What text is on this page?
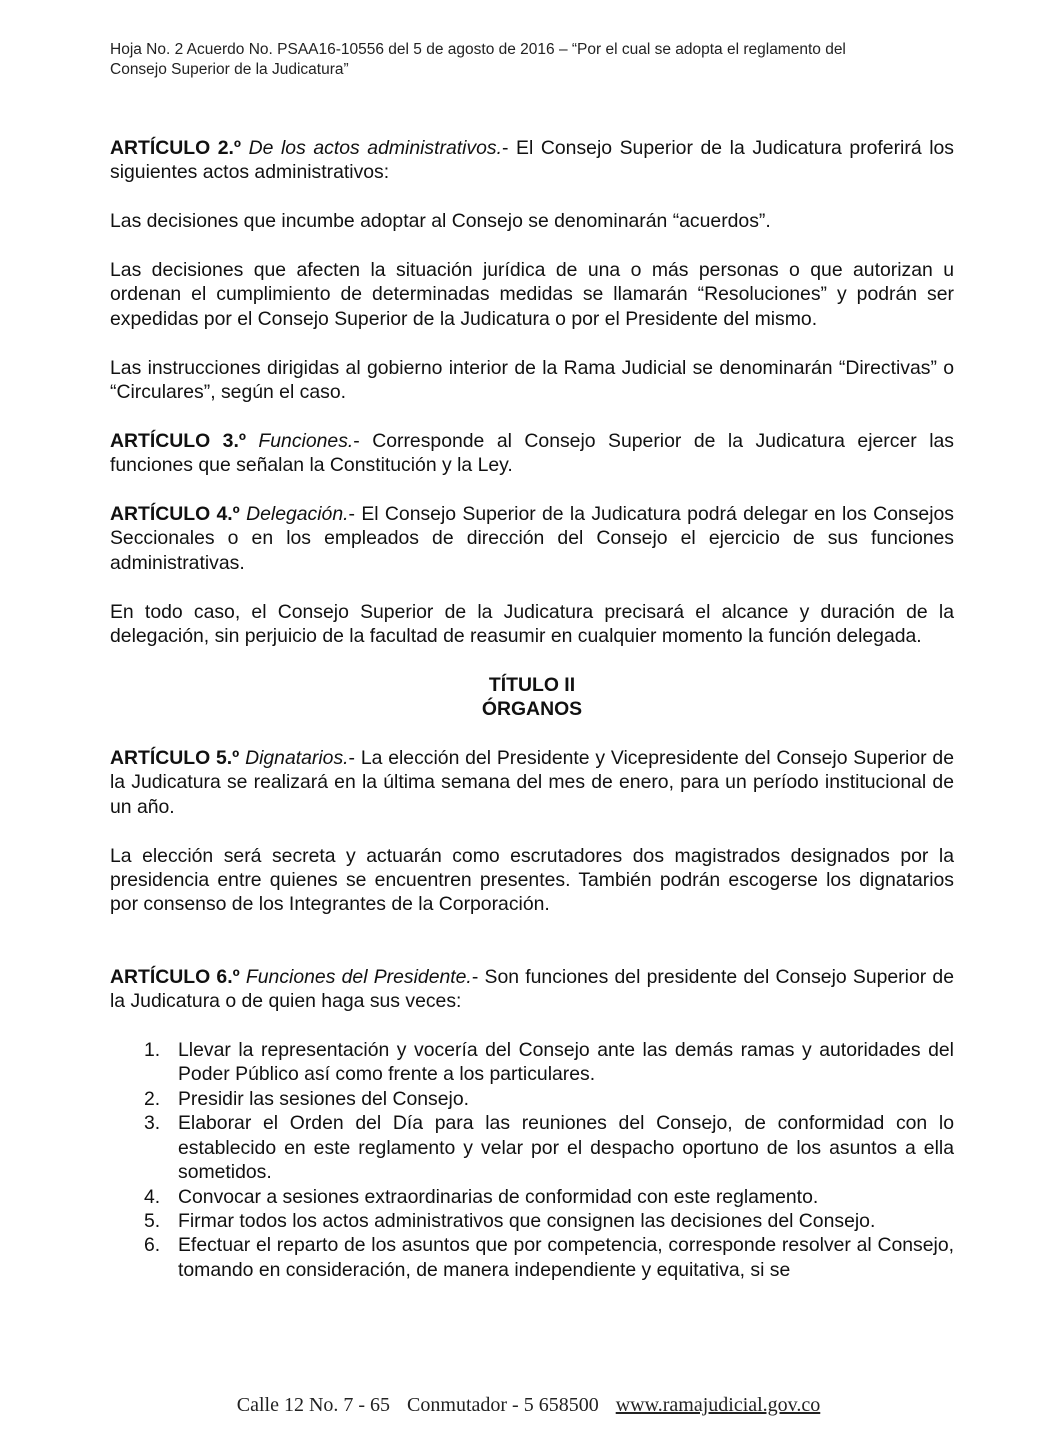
Hoja No. 2 Acuerdo No. PSAA16-10556 del 5 de agosto de 2016 – “Por el cual se adopta el reglamento del
Consejo Superior de la Judicatura”

ARTÍCULO 2.º De los actos administrativos.- El Consejo Superior de la Judicatura proferirá los siguientes actos administrativos:

Las decisiones que incumbe adoptar al Consejo se denominarán “acuerdos”.

Las decisiones que afecten la situación jurídica de una o más personas o que autorizan u ordenan el cumplimiento de determinadas medidas se llamarán “Resoluciones” y podrán ser expedidas por el Consejo Superior de la Judicatura o por el Presidente del mismo.

Las instrucciones dirigidas al gobierno interior de la Rama Judicial se denominarán “Directivas” o “Circulares”, según el caso.

ARTÍCULO 3.º Funciones.- Corresponde al Consejo Superior de la Judicatura ejercer las funciones que señalan la Constitución y la Ley.

ARTÍCULO 4.º Delegación.- El Consejo Superior de la Judicatura podrá delegar en los Consejos Seccionales o en los empleados de dirección del Consejo el ejercicio de sus funciones administrativas.

En todo caso, el Consejo Superior de la Judicatura precisará el alcance y duración de la delegación, sin perjuicio de la facultad de reasumir en cualquier momento la función delegada.

TÍTULO II
ÓRGANOS

ARTÍCULO 5.º Dignatarios.- La elección del Presidente y Vicepresidente del Consejo Superior de la Judicatura se realizará en la última semana del mes de enero, para un período institucional de un año.

La elección será secreta y actuarán como escrutadores dos magistrados designados por la presidencia entre quienes se encuentren presentes. También podrán escogerse los dignatarios por consenso de los Integrantes de la Corporación.

ARTÍCULO 6.º Funciones del Presidente.- Son funciones del presidente del Consejo Superior de la Judicatura o de quien haga sus veces:

1. Llevar la representación y vocería del Consejo ante las demás ramas y autoridades del Poder Público así como frente a los particulares.
2. Presidir las sesiones del Consejo.
3. Elaborar el Orden del Día para las reuniones del Consejo, de conformidad con lo establecido en este reglamento y velar por el despacho oportuno de los asuntos a ella sometidos.
4. Convocar a sesiones extraordinarias de conformidad con este reglamento.
5. Firmar todos los actos administrativos que consignen las decisiones del Consejo.
6. Efectuar el reparto de los asuntos que por competencia, corresponde resolver al Consejo, tomando en consideración, de manera independiente y equitativa, si se
Calle 12 No. 7 - 65 Conmutador - 5 658500 www.ramajudicial.gov.co
